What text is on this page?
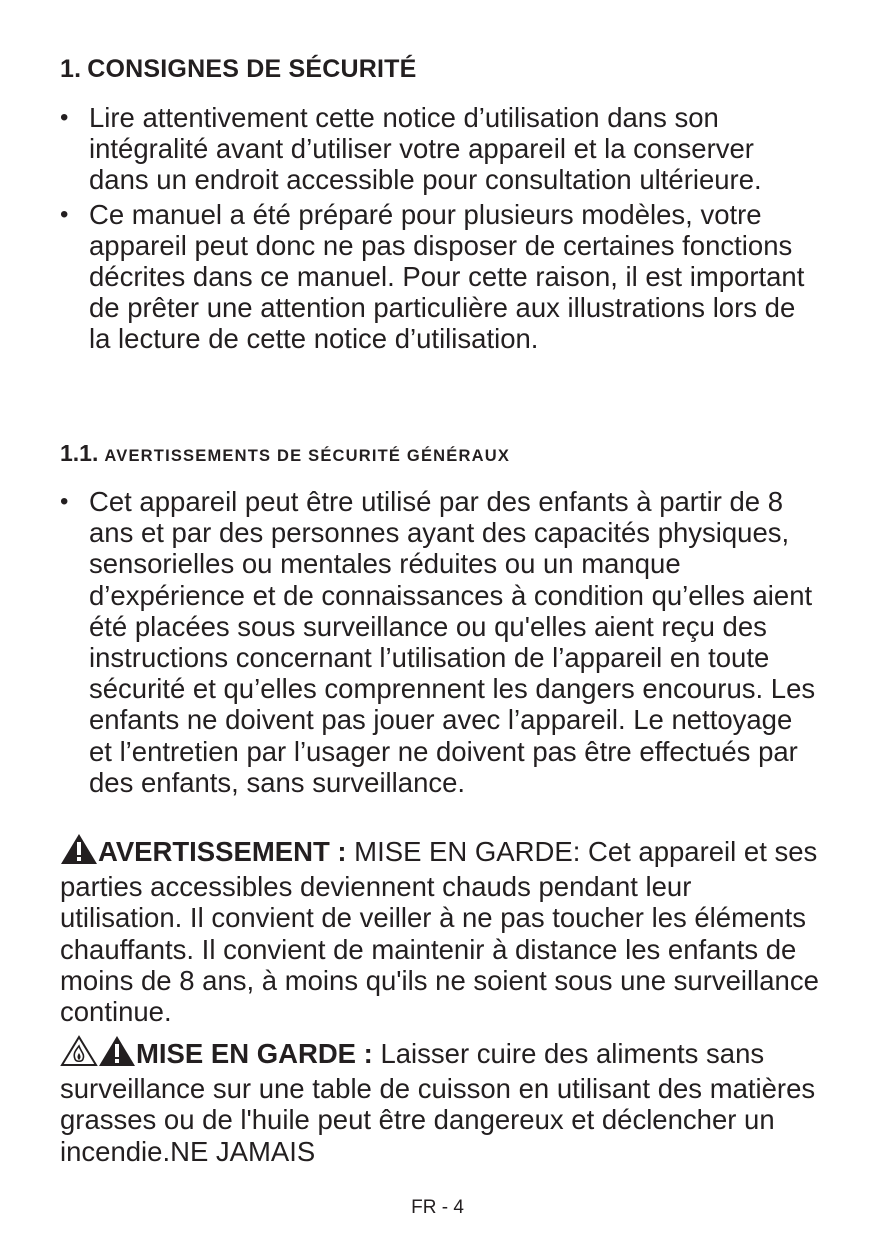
1. CONSIGNES DE SÉCURITÉ
• Lire attentivement cette notice d’utilisation dans son intégralité avant d’utiliser votre appareil et la conserver dans un endroit accessible pour consultation ultérieure.
• Ce manuel a été préparé pour plusieurs modèles, votre appareil peut donc ne pas disposer de certaines fonctions décrites dans ce manuel. Pour cette raison, il est important de prêter une attention particulière aux illustrations lors de la lecture de cette notice d’utilisation.
1.1. AVERTISSEMENTS DE SÉCURITÉ GÉNÉRAUX
• Cet appareil peut être utilisé par des enfants à partir de 8 ans et par des personnes ayant des capacités physiques, sensorielles ou mentales réduites ou un manque d’expérience et de connaissances à condition qu’elles aient été placées sous surveillance ou qu'elles aient reçu des instructions concernant l’utilisation de l’appareil en toute sécurité et qu’elles comprennent les dangers encourus. Les enfants ne doivent pas jouer avec l’appareil. Le nettoyage et l’entretien par l’usager ne doivent pas être effectués par des enfants, sans surveillance.
AVERTISSEMENT : MISE EN GARDE: Cet appareil et ses parties accessibles deviennent chauds pendant leur utilisation. Il convient de veiller à ne pas toucher les éléments chauffants. Il convient de maintenir à distance les enfants de moins de 8 ans, à moins qu'ils ne soient sous une surveillance continue.
MISE EN GARDE : Laisser cuire des aliments sans surveillance sur une table de cuisson en utilisant des matières grasses ou de l'huile peut être dangereux et déclencher un incendie.NE JAMAIS
FR - 4
